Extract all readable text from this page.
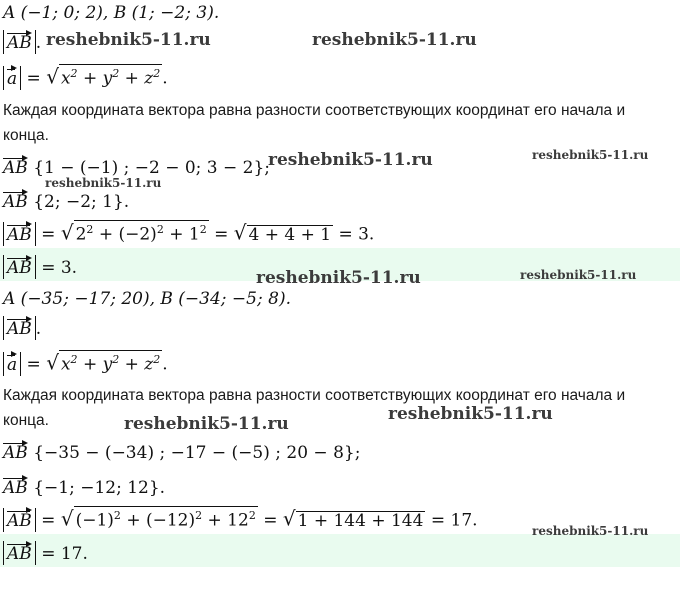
A (−1; 0; 2), B (1; −2; 3).
AB .
a = √ $x^2 + y^2 + z^2$ .
Каждая координата вектора равна разности соответствующих координат его начала и
конца.
AB {1 − (−1) ; −2 − 0; 3 − 2};
AB {2; −2; 1}.
AB = √ $2^2 + (-2)^2 + 1^2$ = √ 4 + 4 + 1 = 3.
AB = 3.
A (−35; −17; 20), B (−34; −5; 8).
AB .
a = √ $x^2 + y^2 + z^2$ .
Каждая координата вектора равна разности соответствующих координат его начала и
конца.
AB {−35 − (−34) ; −17 − (−5) ; 20 − 8};
AB {−1; −12; 12}.
AB = √ $(-1)^2 + (-12)^2 + 12^2$ = √ 1 + 144 + 144 = 17.
AB = 17.
reshebnik5-11.ru	reshebnik5-11.ru
reshebnik5-11.ru	reshebnik5-11.ru
reshebnik5-11.ru
reshebnik5-11.ru	reshebnik5-11.ru
reshebnik5-11.ru	reshebnik5-11.ru
reshebnik5-11.ru
